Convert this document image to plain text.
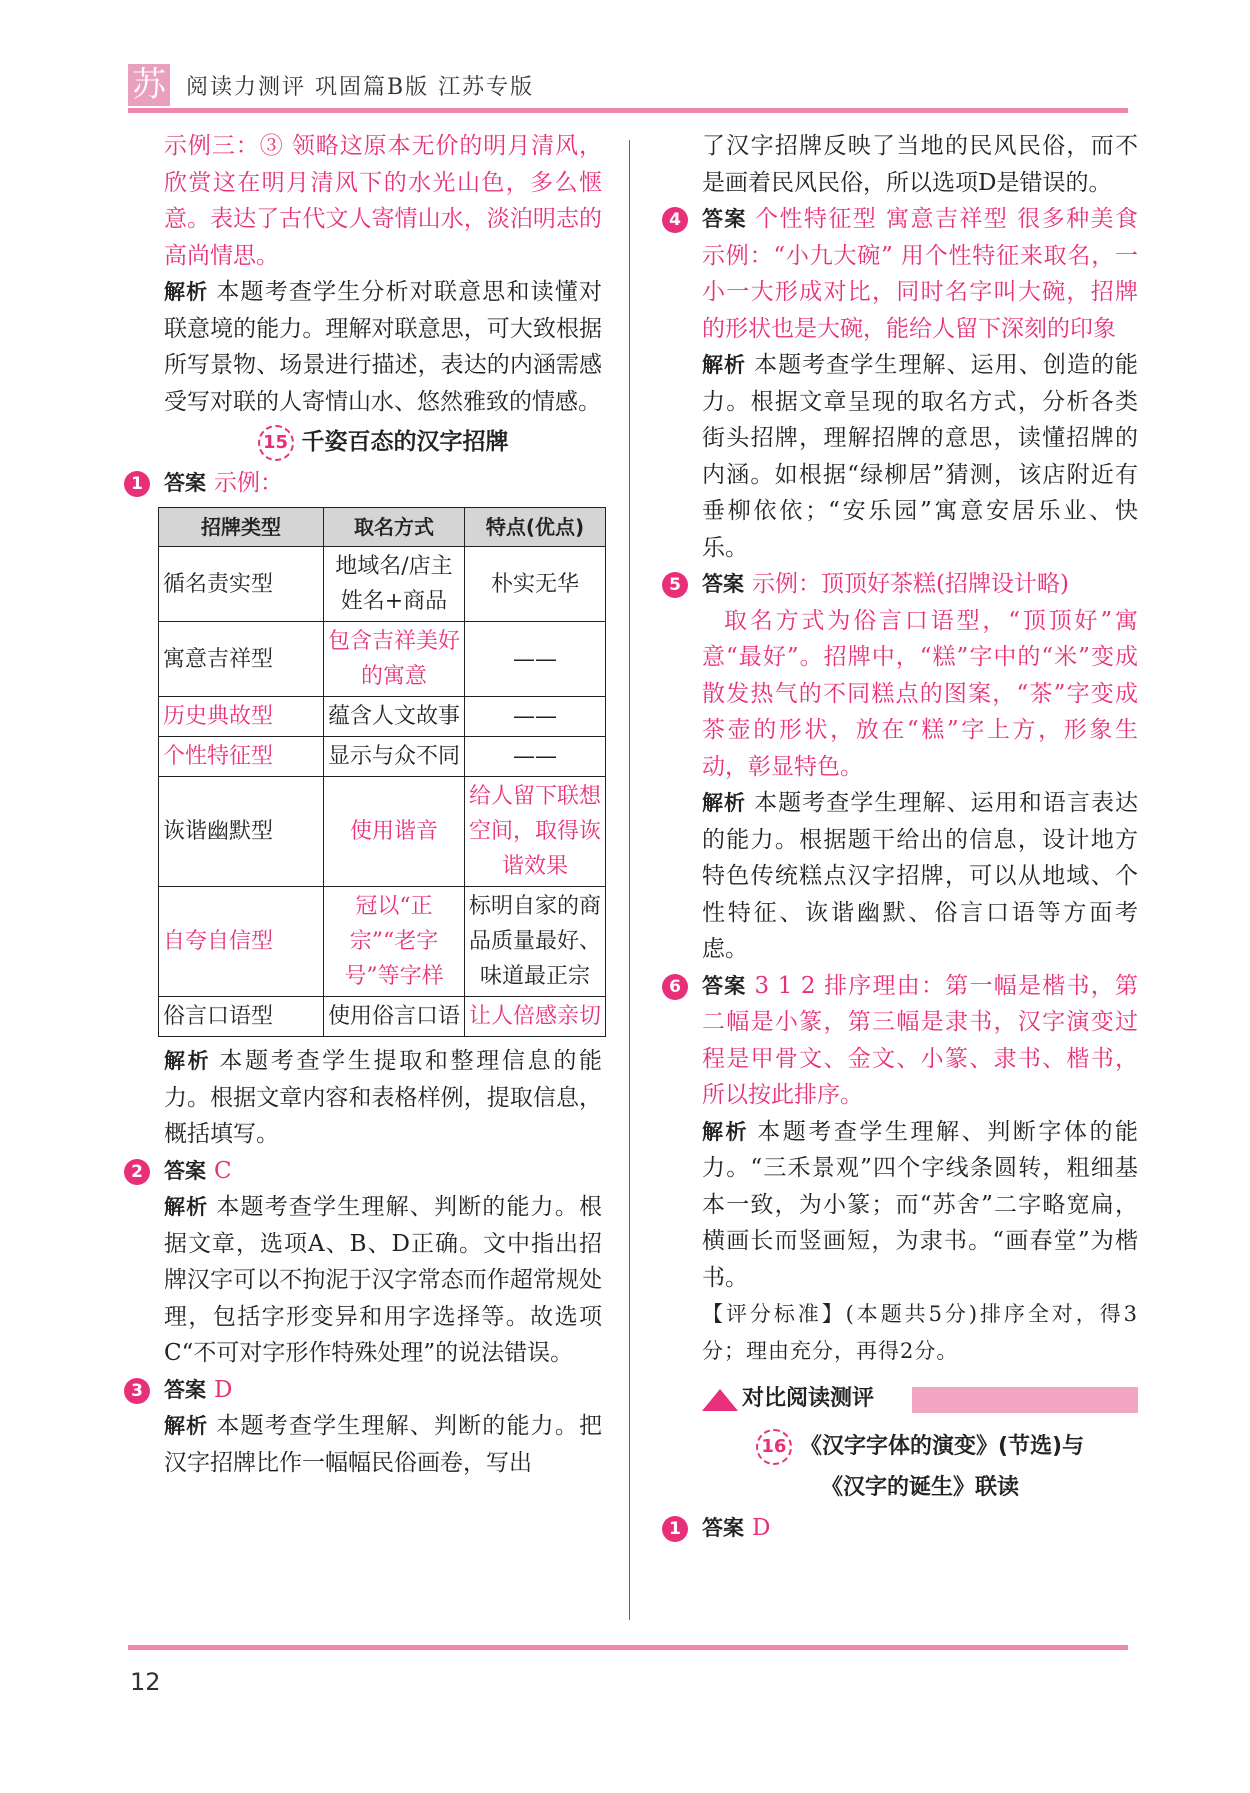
苏 阅读力测评 巩固篇B版 江苏专版

示例三：③ 领略这原本无价的明月清风，欣赏这在明月清风下的水光山色，多么惬意。表达了古代文人寄情山水，淡泊明志的高尚情思。

解析 本题考查学生分析对联意思和读懂对联意境的能力。理解对联意思，可大致根据所写景物、场景进行描述，表达的内涵需感受写对联的人寄情山水、悠然雅致的情感。

15 千姿百态的汉字招牌
1	答案 示例：
招牌类型	取名方式	特点(优点)
循名责实型	地域名/店主姓名+商品	朴实无华
寓意吉祥型	包含吉祥美好的寓意	——
历史典故型	蕴含人文故事	——
个性特征型	显示与众不同	——
诙谐幽默型	使用谐音	给人留下联想空间，取得诙谐效果
自夸自信型	冠以“正宗”“老字号”等字样	标明自家的商品质量最好、味道最正宗
俗言口语型	使用俗言口语	让人倍感亲切

解析 本题考查学生提取和整理信息的能力。根据文章内容和表格样例，提取信息，概括填写。

2	答案 C

解析 本题考查学生理解、判断的能力。根据文章，选项A、B、D正确。文中指出招牌汉字可以不拘泥于汉字常态而作超常规处理，包括字形变异和用字选择等。故选项C“不可对字形作特殊处理”的说法错误。

3	答案 D

解析 本题考查学生理解、判断的能力。把汉字招牌比作一幅幅民俗画卷，写出

了汉字招牌反映了当地的民风民俗，而不是画着民风民俗，所以选项D是错误的。

4	答案 个性特征型 寓意吉祥型 很多种美食 示例：“小九大碗” 用个性特征来取名，一小一大形成对比，同时名字叫大碗，招牌的形状也是大碗，能给人留下深刻的印象

解析 本题考查学生理解、运用、创造的能力。根据文章呈现的取名方式，分析各类街头招牌，理解招牌的意思，读懂招牌的内涵。如根据“绿柳居”猜测，该店附近有垂柳依依；“安乐园”寓意安居乐业、快乐。

5	答案 示例：顶顶好茶糕(招牌设计略)

取名方式为俗言口语型，“顶顶好”寓意“最好”。招牌中，“糕”字中的“米”变成散发热气的不同糕点的图案，“茶”字变成茶壶的形状，放在“糕”字上方，形象生动，彰显特色。

解析 本题考查学生理解、运用和语言表达的能力。根据题干给出的信息，设计地方特色传统糕点汉字招牌，可以从地域、个性特征、诙谐幽默、俗言口语等方面考虑。

6	答案 3 1 2 排序理由：第一幅是楷书，第二幅是小篆，第三幅是隶书，汉字演变过程是甲骨文、金文、小篆、隶书、楷书，所以按此排序。

解析 本题考查学生理解、判断字体的能力。“三禾景观”四个字线条圆转，粗细基本一致，为小篆；而“苏舍”二字略宽扁，横画长而竖画短，为隶书。“画春堂”为楷书。

【评分标准】(本题共5分)排序全对，得3分；理由充分，再得2分。

对比阅读测评
16 《汉字字体的演变》(节选)与
《汉字的诞生》联读
1	答案 D
12
